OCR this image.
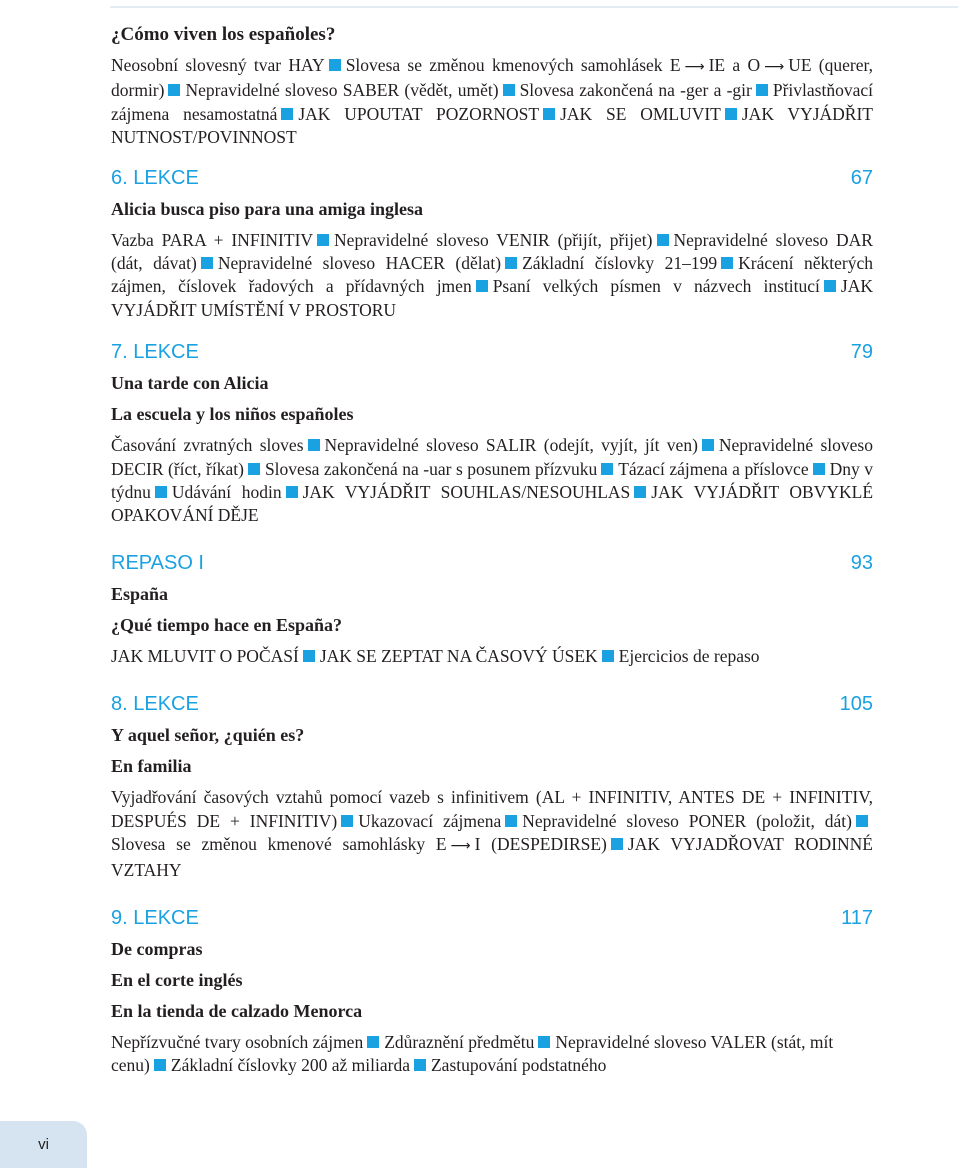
¿Cómo viven los españoles?
Neosobní slovesný tvar HAY Slovesa se změnou kmenových samohlásek E ⟶ IE a O ⟶ UE (querer, dormir) Nepravidelné sloveso SABER (vědět, umět) Slovesa zakončená na -ger a -gir Přivlastňovací zájmena nesamostatná JAK UPOUTAT POZORNOST JAK SE OMLUVIT JAK VYJÁDŘIT NUTNOST/POVINNOST
6. LEKCE	67
Alicia busca piso para una amiga inglesa
Vazba PARA + INFINITIV Nepravidelné sloveso VENIR (přijít, přijet) Nepravidelné sloveso DAR (dát, dávat) Nepravidelné sloveso HACER (dělat) Základní číslovky 21–199 Krácení některých zájmen, číslovek řadových a přídavných jmen Psaní velkých písmen v názvech institucí JAK VYJÁDŘIT UMÍSTĚNÍ V PROSTORU
7. LEKCE	79
Una tarde con Alicia
La escuela y los niños españoles
Časování zvratných sloves Nepravidelné sloveso SALIR (odejít, vyjít, jít ven) Nepravidelné sloveso DECIR (říct, říkat) Slovesa zakončená na -uar s posunem přízvuku Tázací zájmena a příslovce Dny v týdnu Udávání hodin JAK VYJÁDŘIT SOUHLAS/NESOUHLAS JAK VYJÁDŘIT OBVYKLÉ OPAKOVÁNÍ DĚJE
REPASO I	93
España
¿Qué tiempo hace en España?
JAK MLUVIT O POČASÍ JAK SE ZEPTAT NA ČASOVÝ ÚSEK Ejercicios de repaso
8. LEKCE	105
Y aquel señor, ¿quién es?
En familia
Vyjadřování časových vztahů pomocí vazeb s infinitivem (AL + INFINITIV, ANTES DE + INFINITIV, DESPUÉS DE + INFINITIV) Ukazovací zájmena Nepravidelné sloveso PONER (položit, dát)Slovesa se změnou kmenové samohlásky E ⟶ I (DESPEDIRSE) JAK VYJADŘOVAT RODINNÉ VZTAHY
9. LEKCE	117
De compras
En el corte inglés
En la tienda de calzado Menorca
Nepřízvučné tvary osobních zájmen Zdůraznění předmětu Nepravidelné sloveso VALER (stát, mít cenu) Základní číslovky 200 až miliarda Zastupování podstatného
vi
